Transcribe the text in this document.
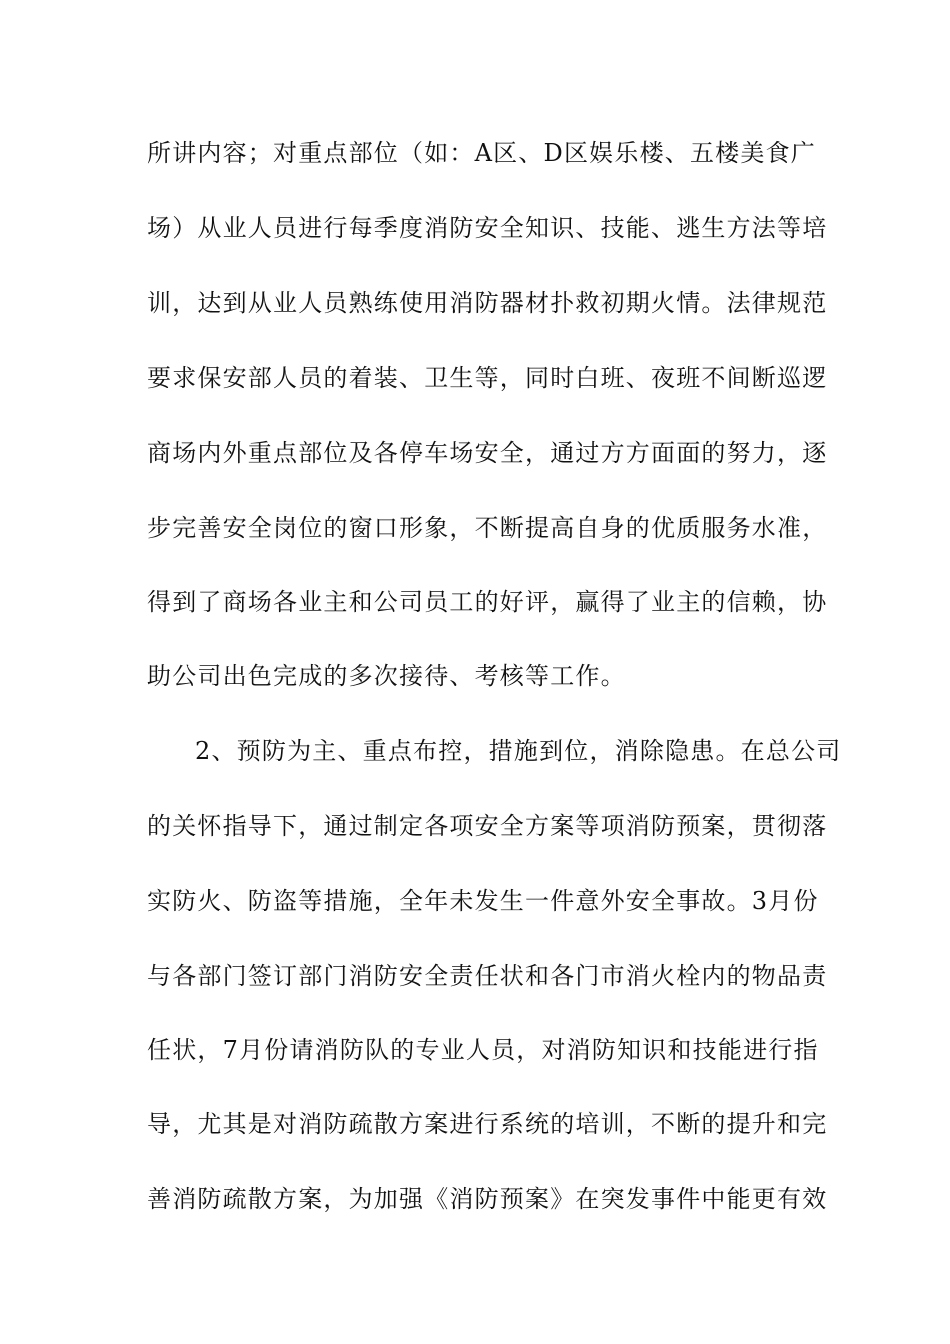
所讲内容；对重点部位（如：A区、D区娱乐楼、五楼美食广
场）从业人员进行每季度消防安全知识、技能、逃生方法等培
训，达到从业人员熟练使用消防器材扑救初期火情。法律规范
要求保安部人员的着装、卫生等，同时白班、夜班不间断巡逻
商场内外重点部位及各停车场安全，通过方方面面的努力，逐
步完善安全岗位的窗口形象，不断提高自身的优质服务水准，
得到了商场各业主和公司员工的好评，赢得了业主的信赖，协
助公司出色完成的多次接待、考核等工作。
2、预防为主、重点布控，措施到位，消除隐患。在总公司
的关怀指导下，通过制定各项安全方案等项消防预案，贯彻落
实防火、防盗等措施，全年未发生一件意外安全事故。3月份
与各部门签订部门消防安全责任状和各门市消火栓内的物品责
任状，7月份请消防队的专业人员，对消防知识和技能进行指
导，尤其是对消防疏散方案进行系统的培训，不断的提升和完
善消防疏散方案，为加强《消防预案》在突发事件中能更有效
